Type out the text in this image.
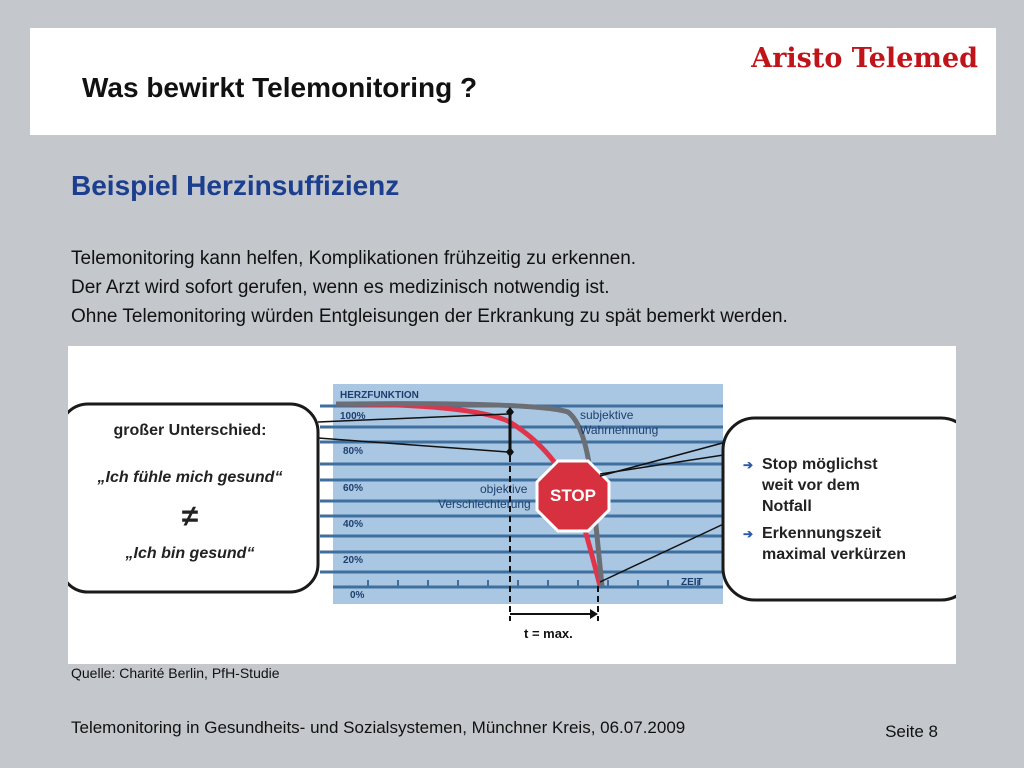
Was bewirkt Telemonitoring ?
Aristo Telemed
Beispiel Herzinsuffizienz
Telemonitoring kann helfen, Komplikationen frühzeitig zu erkennen.
Der Arzt wird sofort gerufen, wenn es medizinisch notwendig ist.
Ohne Telemonitoring würden Entgleisungen der Erkrankung zu spät bemerkt werden.
HERZFUNKTION
100%
80%
60%
40%
20%
0%
ZEIT
subjektive
Wahrnehmung
objektive
Verschlechterung STOP
t = max.
großer Unterschied:
„Ich fühle mich gesund“
≠
„Ich bin gesund“
➔ Stop möglichst
weit vor dem
Notfall
➔ Erkennungszeit
maximal verkürzen
Quelle: Charité Berlin, PfH-Studie
Telemonitoring in Gesundheits- und Sozialsystemen, Münchner Kreis, 06.07.2009	Seite 8
